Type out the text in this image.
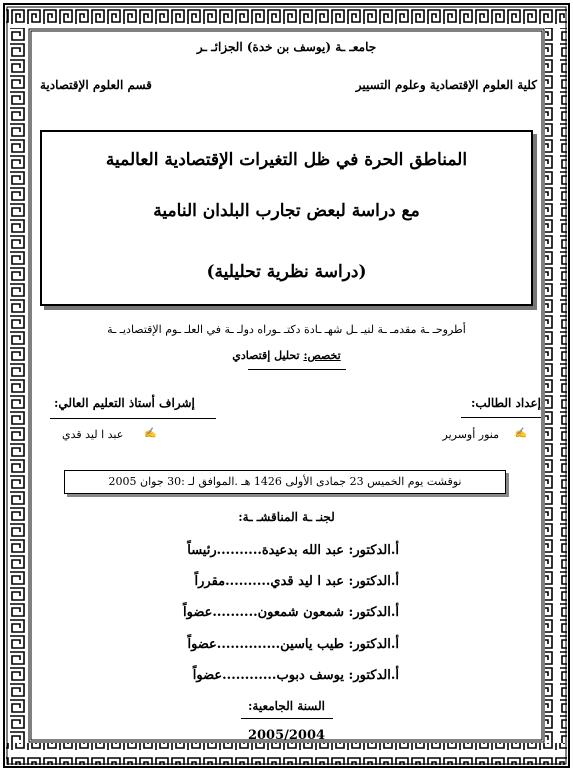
جامعـ ـة (يوسف بن خدة) الجزائـ ـر
كلية العلوم الإقتصادية وعلوم التسيير
قسم العلوم الإقتصادية
المناطق الحرة في ظل التغيرات الإقتصادية العالمية
مع دراسة لبعض تجارب البلدان النامية
(دراسة نظرية تحليلية)
أطروحـ ـة مقدمـ ـة لنيـ ـل شهـ ـادة دكتـ ـوراه دولـ ـة في العلـ ـوم الإقتصاديـ ـة
تخصص: تحليل إقتصادي
إعداد الطالب:
منور أوسرير ✍
إشراف أستاذ التعليم العالي:
عبد ا ليد قدي ✍
نوقشت يوم الخميس 23 جمادى الأولى 1426 هـ .الموافق لـ :30 جوان 2005
لجنـ ـة المناقشـ ـة:
أ.الدكتور: عبد الله بدعيدة..........رئيساً
أ.الدكتور: عبد ا ليد قدي..........مقرراً
أ.الدكتور: شمعون شمعون..........عضواً
أ.الدكتور: طيب ياسين..............عضواً
أ.الدكتور: يوسف دبوب............عضواً
السنة الجامعية:
2005/2004
